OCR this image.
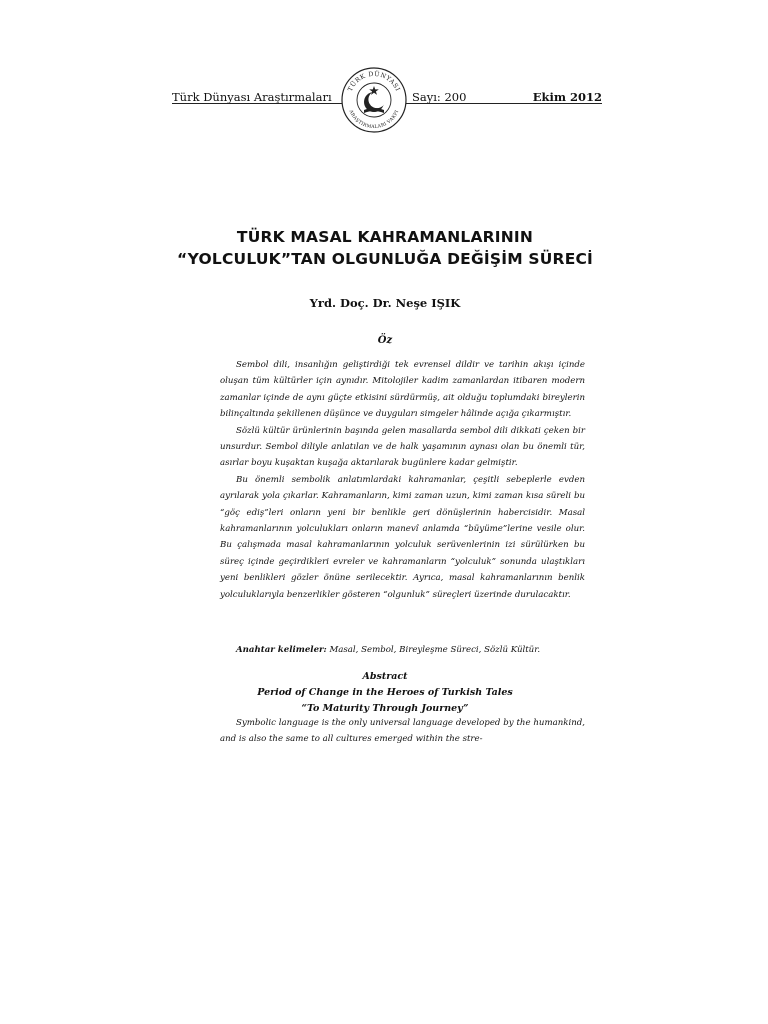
Türk Dünyası Araştırmaları	Sayı: 200	Ekim 2012
TÜRK DÜNYASI
ARAŞTIRMALARI VAKFI
TÜRK MASAL KAHRAMANLARININ
“YOLCULUK”TAN OLGUNLUĞA DEĞİŞİM SÜRECİ
Yrd. Doç. Dr. Neşe IŞIK
Öz

Sembol dili, insanlığın geliştirdiği tek evrensel dildir ve tarihin akışı içinde oluşan tüm kültürler için aynıdır. Mitolojiler kadim zamanlardan itibaren modern zamanlar içinde de aynı güçte etkisini sürdürmüş, ait olduğu toplumdaki bireylerin bilinçaltında şekillenen düşünce ve duyguları simgeler hâlinde açığa çıkarmıştır.

Sözlü kültür ürünlerinin başında gelen masallarda sembol dili dikkati çeken bir unsurdur. Sembol diliyle anlatılan ve de halk yaşamının aynası olan bu önemli tür, asırlar boyu kuşaktan kuşağa aktarılarak bugünlere kadar gelmiştir.

Bu önemli sembolik anlatımlardaki kahramanlar, çeşitli sebeplerle evden ayrılarak yola çıkarlar. Kahramanların, kimi zaman uzun, kimi zaman kısa süreli bu “göç ediş”leri onların yeni bir benlikle geri dönüşlerinin habercisidir. Masal kahramanlarının yolculukları onların manevî anlamda “büyüme”lerine vesile olur. Bu çalışmada masal kahramanlarının yolculuk serüvenlerinin izi sürülürken bu süreç içinde geçirdikleri evreler ve kahramanların “yolculuk” sonunda ulaştıkları yeni benlikleri gözler önüne serilecektir. Ayrıca, masal kahramanlarının benlik yolculuklarıyla benzerlikler gösteren “olgunluk” süreçleri üzerinde durulacaktır.

Anahtar kelimeler: Masal, Sembol, Bireyleşme Süreci, Sözlü Kültür.
Abstract
Period of Change in the Heroes of Turkish Tales
“To Maturity Through Journey”

Symbolic language is the only universal language developed by the humankind, and is also the same to all cultures emerged within the stre-
